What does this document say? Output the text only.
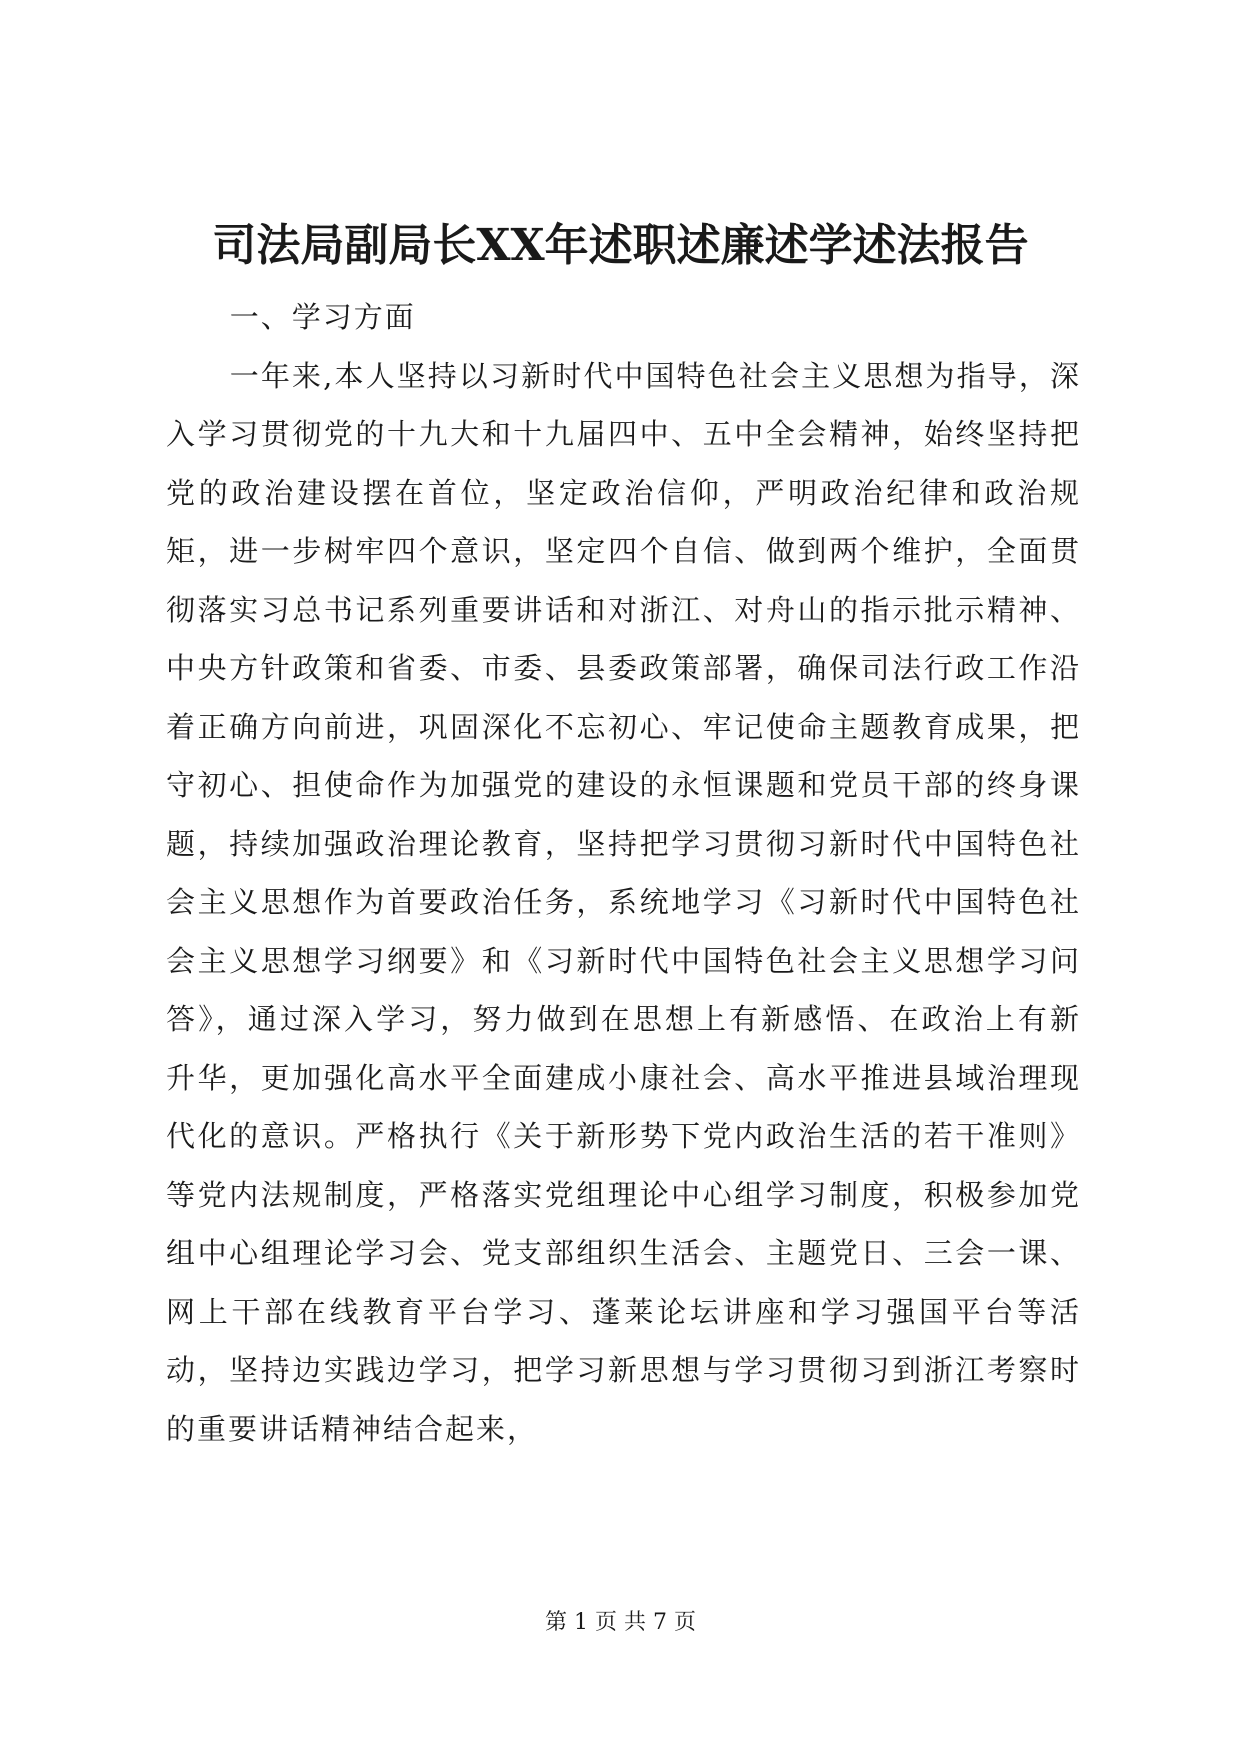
司法局副局长XX年述职述廉述学述法报告

一、学习方面

一年来,本人坚持以习新时代中国特色社会主义思想为指导，深入学习贯彻党的十九大和十九届四中、五中全会精神，始终坚持把党的政治建设摆在首位，坚定政治信仰，严明政治纪律和政治规矩，进一步树牢四个意识，坚定四个自信、做到两个维护，全面贯彻落实习总书记系列重要讲话和对浙江、对舟山的指示批示精神、中央方针政策和省委、市委、县委政策部署，确保司法行政工作沿着正确方向前进，巩固深化不忘初心、牢记使命主题教育成果，把守初心、担使命作为加强党的建设的永恒课题和党员干部的终身课题，持续加强政治理论教育，坚持把学习贯彻习新时代中国特色社会主义思想作为首要政治任务，系统地学习《习新时代中国特色社会主义思想学习纲要》和《习新时代中国特色社会主义思想学习问答》，通过深入学习，努力做到在思想上有新感悟、在政治上有新升华，更加强化高水平全面建成小康社会、高水平推进县域治理现代化的意识。严格执行《关于新形势下党内政治生活的若干准则》等党内法规制度，严格落实党组理论中心组学习制度，积极参加党组中心组理论学习会、党支部组织生活会、主题党日、三会一课、网上干部在线教育平台学习、蓬莱论坛讲座和学习强国平台等活动，坚持边实践边学习，把学习新思想与学习贯彻习到浙江考察时的重要讲话精神结合起来，

第 1 页 共 7 页
